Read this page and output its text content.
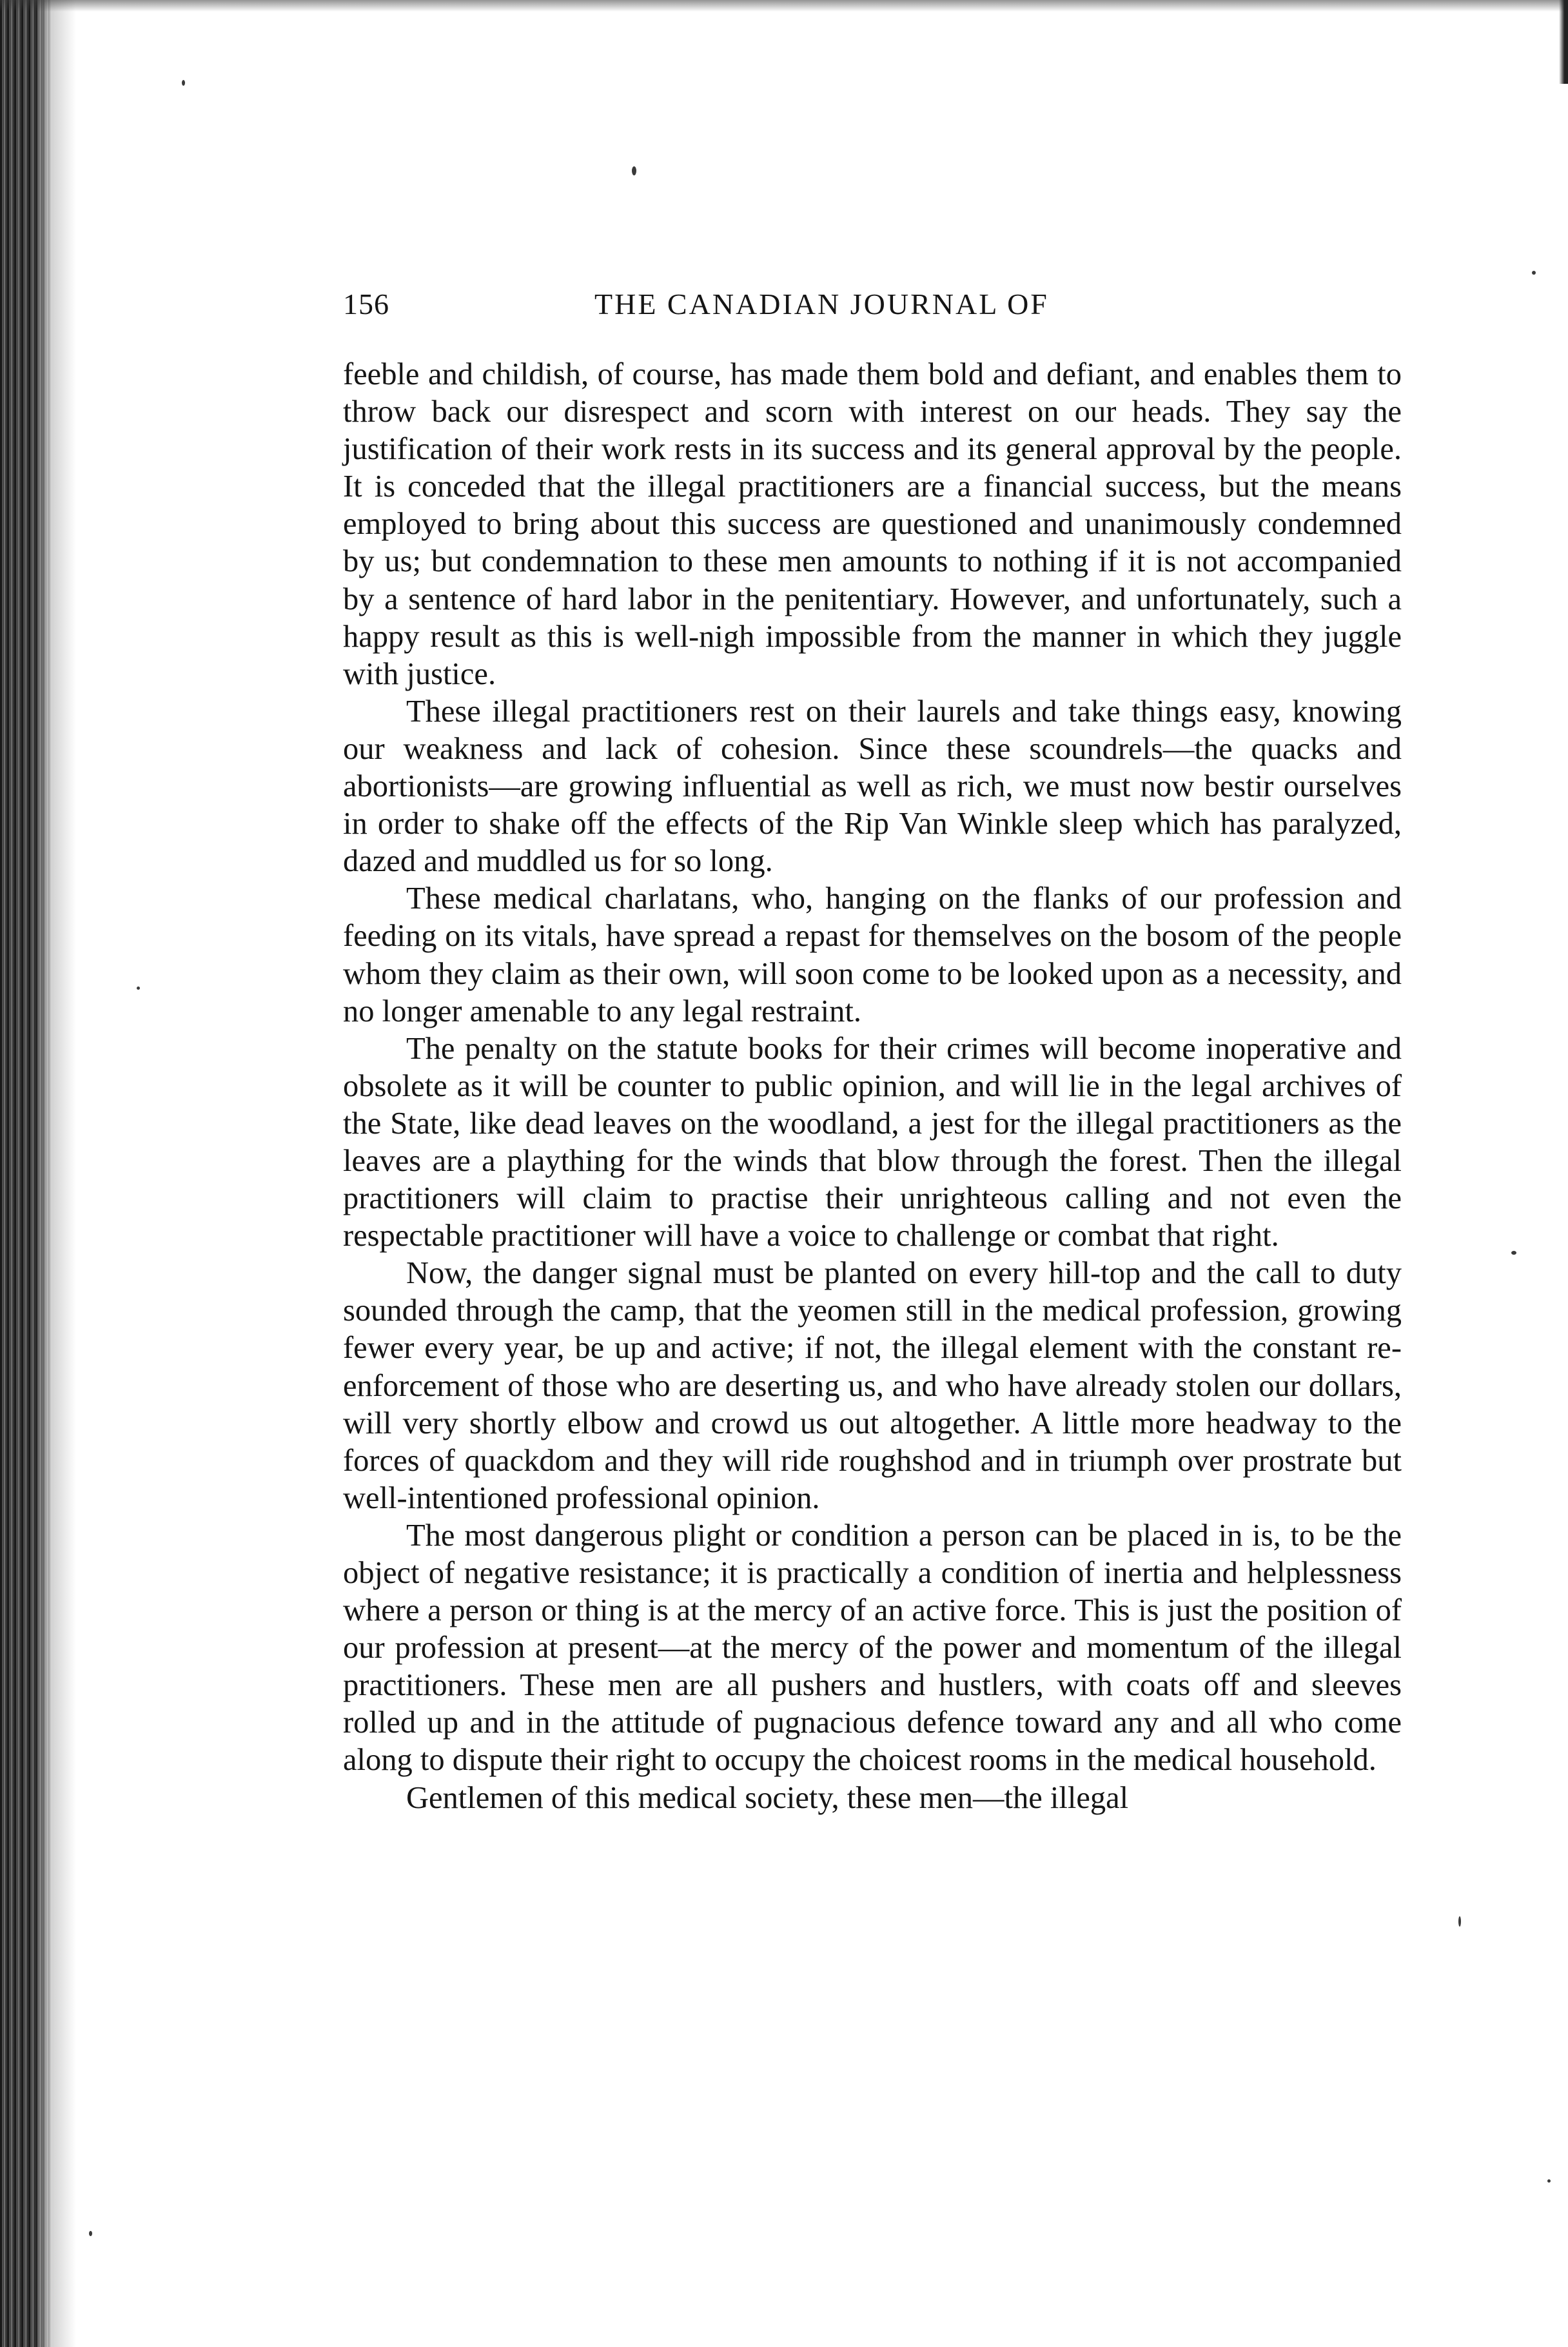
156	THE CANADIAN JOURNAL OF

feeble and childish, of course, has made them bold and defiant, and enables them to throw back our disrespect and scorn with interest on our heads. They say the justification of their work rests in its success and its general approval by the people. It is conceded that the illegal practitioners are a financial success, but the means employed to bring about this success are questioned and unanimously condemned by us; but condemnation to these men amounts to nothing if it is not accompanied by a sentence of hard labor in the penitentiary. However, and unfortunately, such a happy result as this is well-nigh impossible from the manner in which they juggle with justice.

These illegal practitioners rest on their laurels and take things easy, knowing our weakness and lack of cohesion. Since these scoundrels—the quacks and abortionists—are growing influential as well as rich, we must now bestir ourselves in order to shake off the effects of the Rip Van Winkle sleep which has paralyzed, dazed and muddled us for so long.

These medical charlatans, who, hanging on the flanks of our profession and feeding on its vitals, have spread a repast for themselves on the bosom of the people whom they claim as their own, will soon come to be looked upon as a necessity, and no longer amenable to any legal restraint.

The penalty on the statute books for their crimes will become inoperative and obsolete as it will be counter to public opinion, and will lie in the legal archives of the State, like dead leaves on the woodland, a jest for the illegal practitioners as the leaves are a plaything for the winds that blow through the forest. Then the illegal practitioners will claim to practise their unrighteous calling and not even the respectable practitioner will have a voice to challenge or combat that right.

Now, the danger signal must be planted on every hill-top and the call to duty sounded through the camp, that the yeomen still in the medical profession, growing fewer every year, be up and active; if not, the illegal element with the constant re-enforcement of those who are deserting us, and who have already stolen our dollars, will very shortly elbow and crowd us out altogether. A little more headway to the forces of quackdom and they will ride roughshod and in triumph over prostrate but well-intentioned professional opinion.

The most dangerous plight or condition a person can be placed in is, to be the object of negative resistance; it is practically a condition of inertia and helplessness where a person or thing is at the mercy of an active force. This is just the position of our profession at present—at the mercy of the power and momentum of the illegal practitioners. These men are all pushers and hustlers, with coats off and sleeves rolled up and in the attitude of pugnacious defence toward any and all who come along to dispute their right to occupy the choicest rooms in the medical household.

Gentlemen of this medical society, these men—the illegal
